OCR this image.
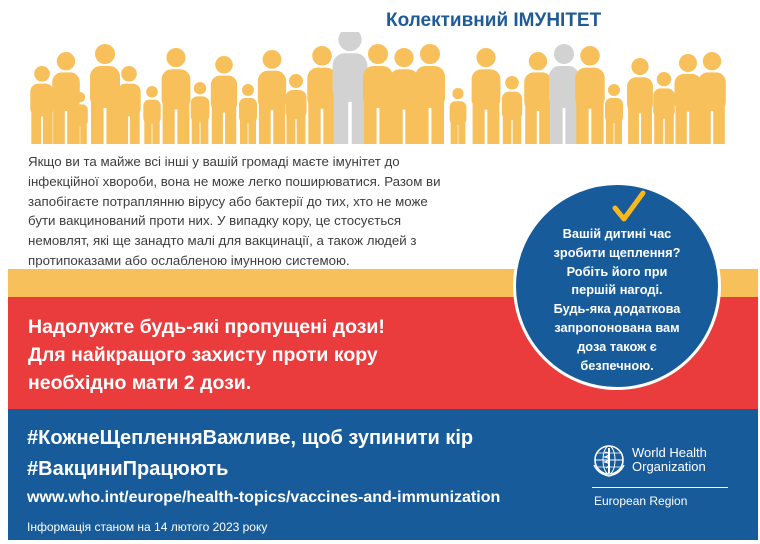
Колективний ІМУНІТЕТ

Якщо ви та майже всі інші у вашій громаді маєте імунітет до
інфекційної хвороби, вона не може легко поширюватися. Разом ви
запобігаєте потраплянню вірусу або бактерії до тих, хто не може
бути вакцинований проти них. У випадку кору, це стосується
немовлят, які ще занадто малі для вакцинації, а також людей з
протипоказами або ослабленою імунною системою.

Надолужте будь-які пропущені дози!
Для найкращого захисту проти кору
необхідно мати 2 дози.
Вашій дитині час
зробити щеплення?
Робіть його при
першій нагоді.
Будь-яка додаткова
запропонована вам
доза також є
безпечною.
#КожнеЩепленняВажливе, щоб зупинити кір
#ВакциниПрацюють
www.who.int/europe/health-topics/vaccines-and-immunization
Інформація станом на 14 лютого 2023 року
World Health
Organization
European Region
